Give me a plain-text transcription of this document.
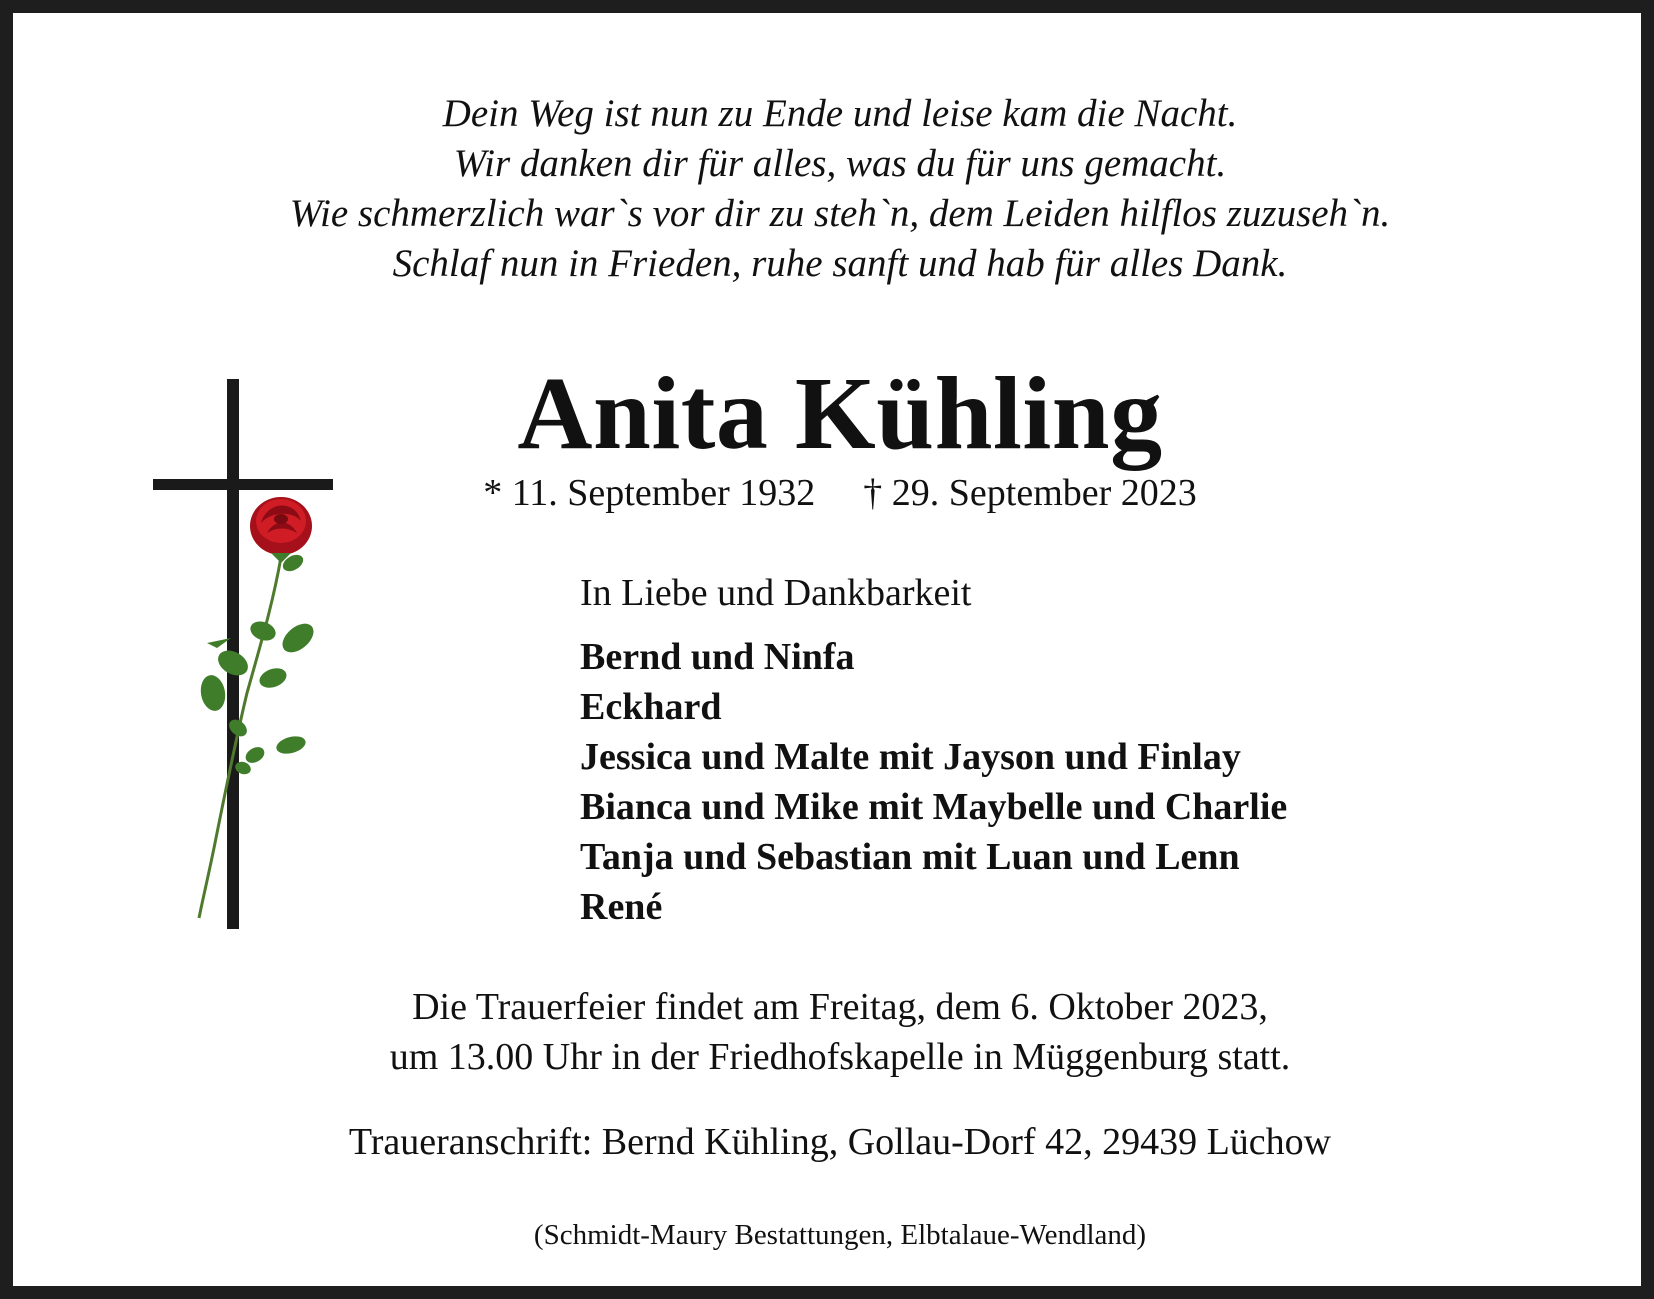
Dein Weg ist nun zu Ende und leise kam die Nacht.
Wir danken dir für alles, was du für uns gemacht.
Wie schmerzlich war`s vor dir zu steh`n, dem Leiden hilflos zuzuseh`n.
Schlaf nun in Frieden, ruhe sanft und hab für alles Dank.
Anita Kühling
* 11. September 1932 † 29. September 2023
In Liebe und Dankbarkeit
Bernd und Ninfa
Eckhard
Jessica und Malte mit Jayson und Finlay
Bianca und Mike mit Maybelle und Charlie
Tanja und Sebastian mit Luan und Lenn
René
Die Trauerfeier findet am Freitag, dem 6. Oktober 2023,
um 13.00 Uhr in der Friedhofskapelle in Müggenburg statt.
Traueranschrift: Bernd Kühling, Gollau-Dorf 42, 29439 Lüchow
(Schmidt-Maury Bestattungen, Elbtalaue-Wendland)
